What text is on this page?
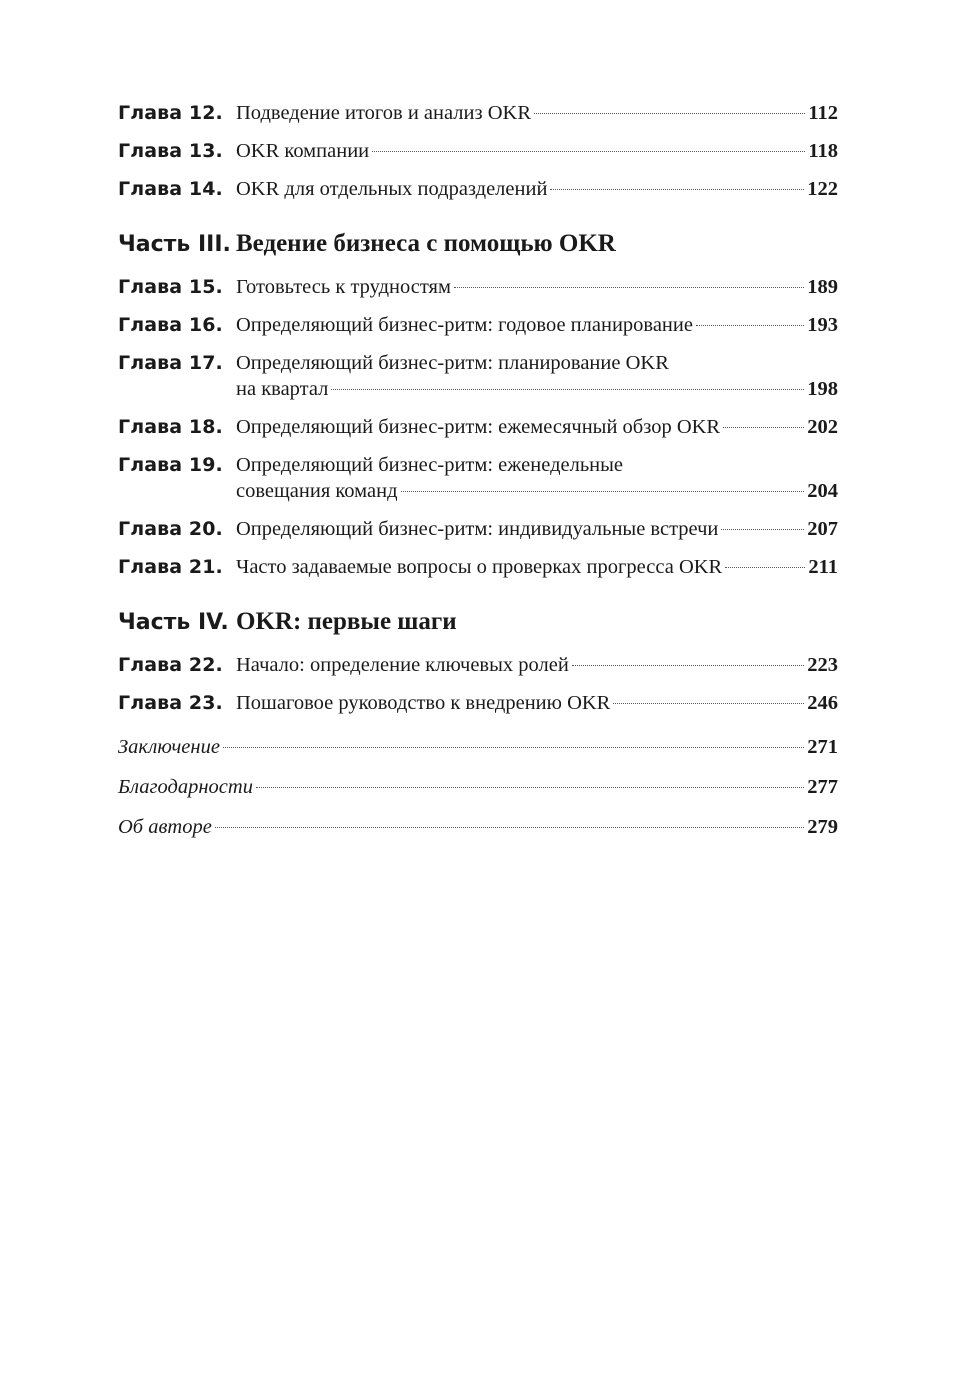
Глава 12. Подведение итогов и анализ OKR	112
Глава 13. OKR компании	118
Глава 14. OKR для отдельных подразделений	122
Часть III. Ведение бизнеса с помощью OKR
Глава 15. Готовьтесь к трудностям	189
Глава 16. Определяющий бизнес-ритм: годовое планирование	193
Глава 17. Определяющий бизнес-ритм: планирование OKR
на квартал	198
Глава 18. Определяющий бизнес-ритм: ежемесячный обзор OKR	202
Глава 19. Определяющий бизнес-ритм: еженедельные
совещания команд	204
Глава 20. Определяющий бизнес-ритм: индивидуальные встречи	207
Глава 21. Часто задаваемые вопросы о проверках прогресса OKR	211
Часть IV. OKR: первые шаги
Глава 22. Начало: определение ключевых ролей	223
Глава 23. Пошаговое руководство к внедрению OKR	246
Заключение	271
Благодарности	277
Об авторе	279
